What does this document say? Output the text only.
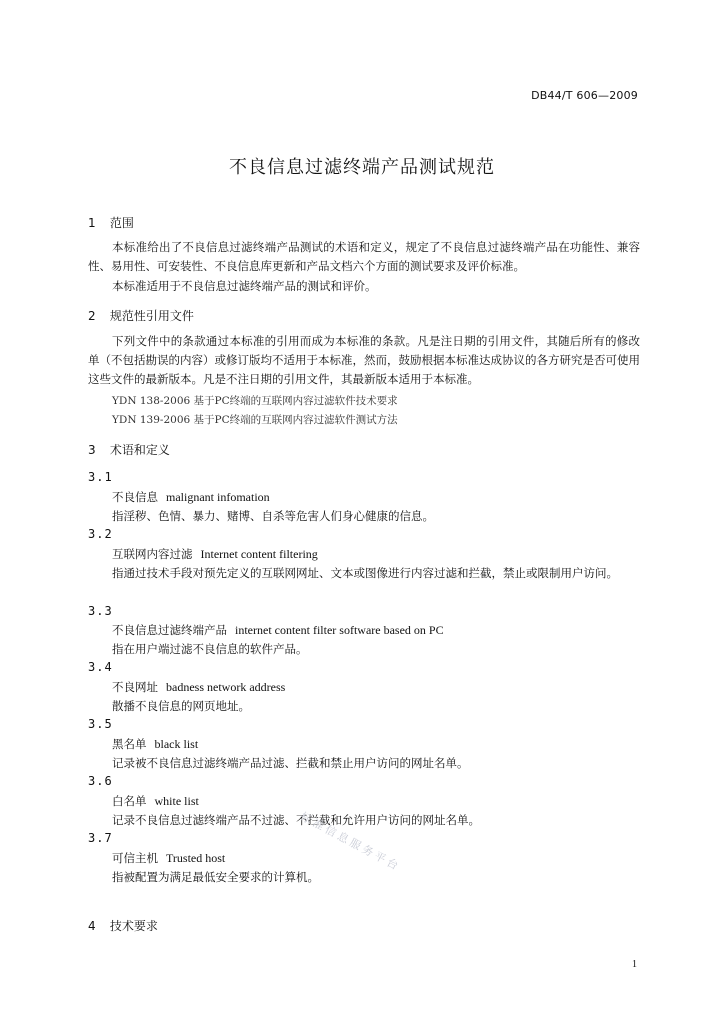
DB44/T 606—2009
不良信息过滤终端产品测试规范
1 范围
本标准给出了不良信息过滤终端产品测试的术语和定义，规定了不良信息过滤终端产品在功能性、兼容性、易用性、可安装性、不良信息库更新和产品文档六个方面的测试要求及评价标准。
本标准适用于不良信息过滤终端产品的测试和评价。
2 规范性引用文件
下列文件中的条款通过本标准的引用而成为本标准的条款。凡是注日期的引用文件，其随后所有的修改单（不包括勘误的内容）或修订版均不适用于本标准，然而，鼓励根据本标准达成协议的各方研究是否可使用这些文件的最新版本。凡是不注日期的引用文件，其最新版本适用于本标准。
YDN 138-2006 基于PC终端的互联网内容过滤软件技术要求
YDN 139-2006 基于PC终端的互联网内容过滤软件测试方法
3 术语和定义
3.1
不良信息 malignant infomation
指淫秽、色情、暴力、赌博、自杀等危害人们身心健康的信息。
3.2
互联网内容过滤 Internet content filtering
指通过技术手段对预先定义的互联网网址、文本或图像进行内容过滤和拦截，禁止或限制用户访问。
3.3
不良信息过滤终端产品 internet content filter software based on PC
指在用户端过滤不良信息的软件产品。
3.4
不良网址 badness network address
散播不良信息的网页地址。
3.5
黑名单 black list
记录被不良信息过滤终端产品过滤、拦截和禁止用户访问的网址名单。
3.6
白名单 white list
记录不良信息过滤终端产品不过滤、不拦截和允许用户访问的网址名单。
3.7
可信主机 Trusted host
指被配置为满足最低安全要求的计算机。
4 技术要求
标准信息服务平台
1
